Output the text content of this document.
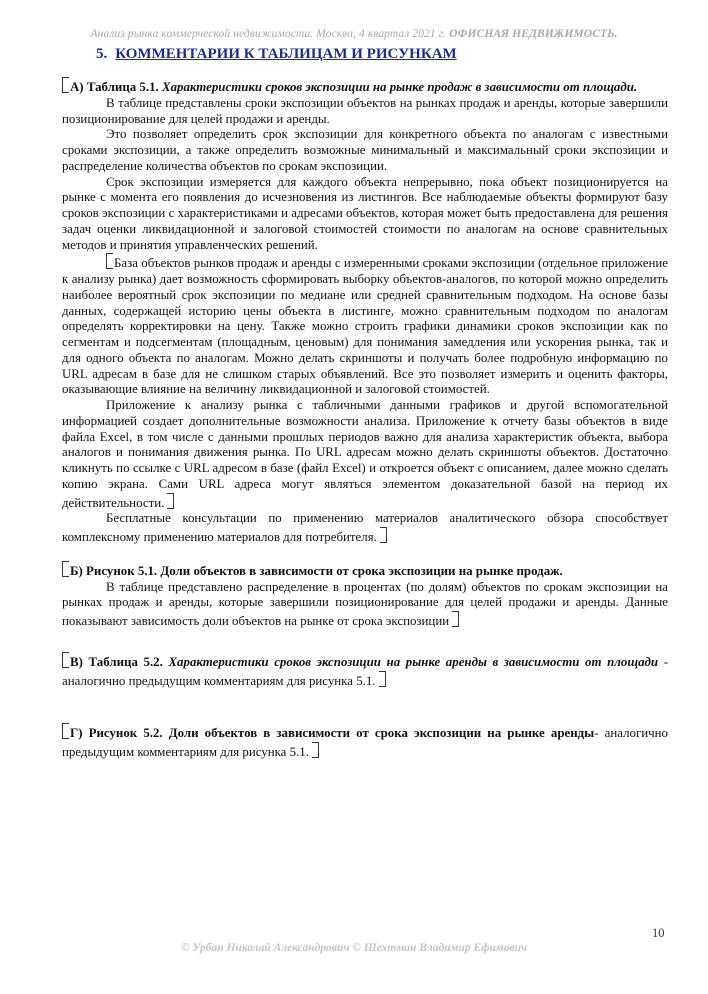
Анализ рынка коммерческой недвижимости. Москва, 4 квартал 2021 г. ОФИСНАЯ НЕДВИЖИМОСТЬ.
5. КОММЕНТАРИИ К ТАБЛИЦАМ И РИСУНКАМ
А) Таблица 5.1. Характеристики сроков экспозиции на рынке продаж в зависимости от площади.

В таблице представлены сроки экспозиции объектов на рынках продаж и аренды, которые завершили позиционирование для целей продажи и аренды.

Это позволяет определить срок экспозиции для конкретного объекта по аналогам с известными сроками экспозиции, а также определить возможные минимальный и максимальный сроки экспозиции и распределение количества объектов по срокам экспозиции.

Срок экспозиции измеряется для каждого объекта непрерывно, пока объект позиционируется на рынке с момента его появления до исчезновения из листингов. Все наблюдаемые объекты формируют базу сроков экспозиции с характеристиками и адресами объектов, которая может быть предоставлена для решения задач оценки ликвидационной и залоговой стоимостей стоимости по аналогам на основе сравнительных методов и принятия управленческих решений.

База объектов рынков продаж и аренды с измеренными сроками экспозиции (отдельное приложение к анализу рынка) дает возможность сформировать выборку объектов-аналогов, по которой можно определить наиболее вероятный срок экспозиции по медиане или средней сравнительным подходом. На основе базы данных, содержащей историю цены объекта в листинге, можно сравнительным подходом по аналогам определять корректировки на цену. Также можно строить графики динамики сроков экспозиции как по сегментам и подсегментам (площадным, ценовым) для понимания замедления или ускорения рынка, так и для одного объекта по аналогам. Можно делать скриншоты и получать более подробную информацию по URL адресам в базе для не слишком старых объявлений. Все это позволяет измерить и оценить факторы, оказывающие влияние на величину ликвидационной и залоговой стоимостей.

Приложение к анализу рынка с табличными данными графиков и другой вспомогательной информацией создает дополнительные возможности анализа. Приложение к отчету базы объектов в виде файла Excel, в том числе с данными прошлых периодов важно для анализа характеристик объекта, выбора аналогов и понимания движения рынка. По URL адресам можно делать скриншоты объектов. Достаточно кликнуть по ссылке с URL адресом в базе (файл Excel) и откроется объект с описанием, далее можно сделать копию экрана. Сами URL адреса могут являться элементом доказательной базой на период их действительности.

Бесплатные консультации по применению материалов аналитического обзора способствует комплексному применению материалов для потребителя.

Б) Рисунок 5.1. Доли объектов в зависимости от срока экспозиции на рынке продаж.

В таблице представлено распределение в процентах (по долям) объектов по срокам экспозиции на рынках продаж и аренды, которые завершили позиционирование для целей продажи и аренды. Данные показывают зависимость доли объектов на рынке от срока экспозиции

В) Таблица 5.2. Характеристики сроков экспозиции на рынке аренды в зависимости от площади - аналогично предыдущим комментариям для рисунка 5.1.
Г) Рисунок 5.2. Доли объектов в зависимости от срока экспозиции на рынке аренды- аналогично предыдущим комментариям для рисунка 5.1.
10
© Урбан Николай Александрович © Шехтман Владимир Ефимович
